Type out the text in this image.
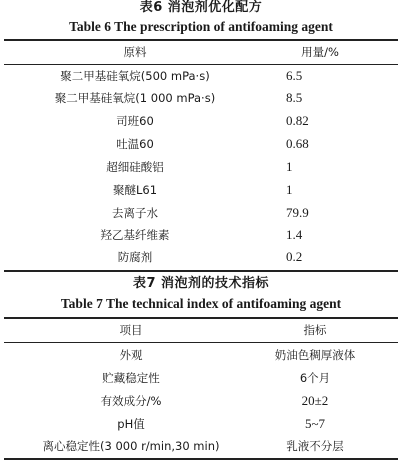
表6 消泡剂优化配方
Table 6 The prescription of antifoaming agent
原料	用量/%
聚二甲基硅氧烷(500 mPa·s)	6.5
聚二甲基硅氧烷(1 000 mPa·s)	8.5
司班60	0.82
吐温60	0.68
超细硅酸铝	1
聚醚L61	1
去离子水	79.9
羟乙基纤维素	1.4
防腐剂	0.2
表7 消泡剂的技术指标
Table 7 The technical index of antifoaming agent
项目	指标
外观	奶油色稠厚液体
贮藏稳定性	6个月
有效成分/%	20±2
pH值	5~7
离心稳定性(3 000 r/min,30 min)	乳液不分层
